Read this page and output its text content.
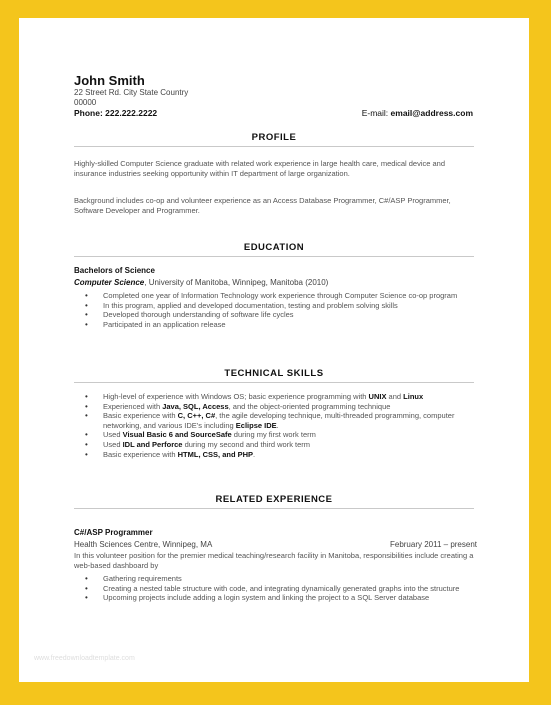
John Smith
22 Street Rd. City State Country
00000
Phone: 222.222.2222	E-mail: email@address.com
PROFILE
Highly-skilled Computer Science graduate with related work experience in large health care, medical device and insurance industries seeking opportunity within IT department of large organization.
Background includes co-op and volunteer experience as an Access Database Programmer, C#/ASP Programmer, Software Developer and Programmer.
EDUCATION
Bachelors of Science
Computer Science, University of Manitoba, Winnipeg, Manitoba (2010)
• Completed one year of Information Technology work experience through Computer Science co-op program
• In this program, applied and developed documentation, testing and problem solving skills
• Developed thorough understanding of software life cycles
• Participated in an application release
TECHNICAL SKILLS
• High-level of experience with Windows OS; basic experience programming with UNIX and Linux
• Experienced with Java, SQL, Access, and the object-oriented programming technique
• Basic experience with C, C++, C#, the agile developing technique, multi-threaded programming, computer networking, and various IDE's including Eclipse IDE.
• Used Visual Basic 6 and SourceSafe during my first work term
• Used IDL and Perforce during my second and third work term
• Basic experience with HTML, CSS, and PHP.
RELATED EXPERIENCE
C#/ASP Programmer
Health Sciences Centre, Winnipeg, MA	February 2011 – present
In this volunteer position for the premier medical teaching/research facility in Manitoba, responsibilities include creating a web-based dashboard by
• Gathering requirements
• Creating a nested table structure with code, and integrating dynamically generated graphs into the structure
• Upcoming projects include adding a login system and linking the project to a SQL Server database
www.freedownloadtemplate.com
